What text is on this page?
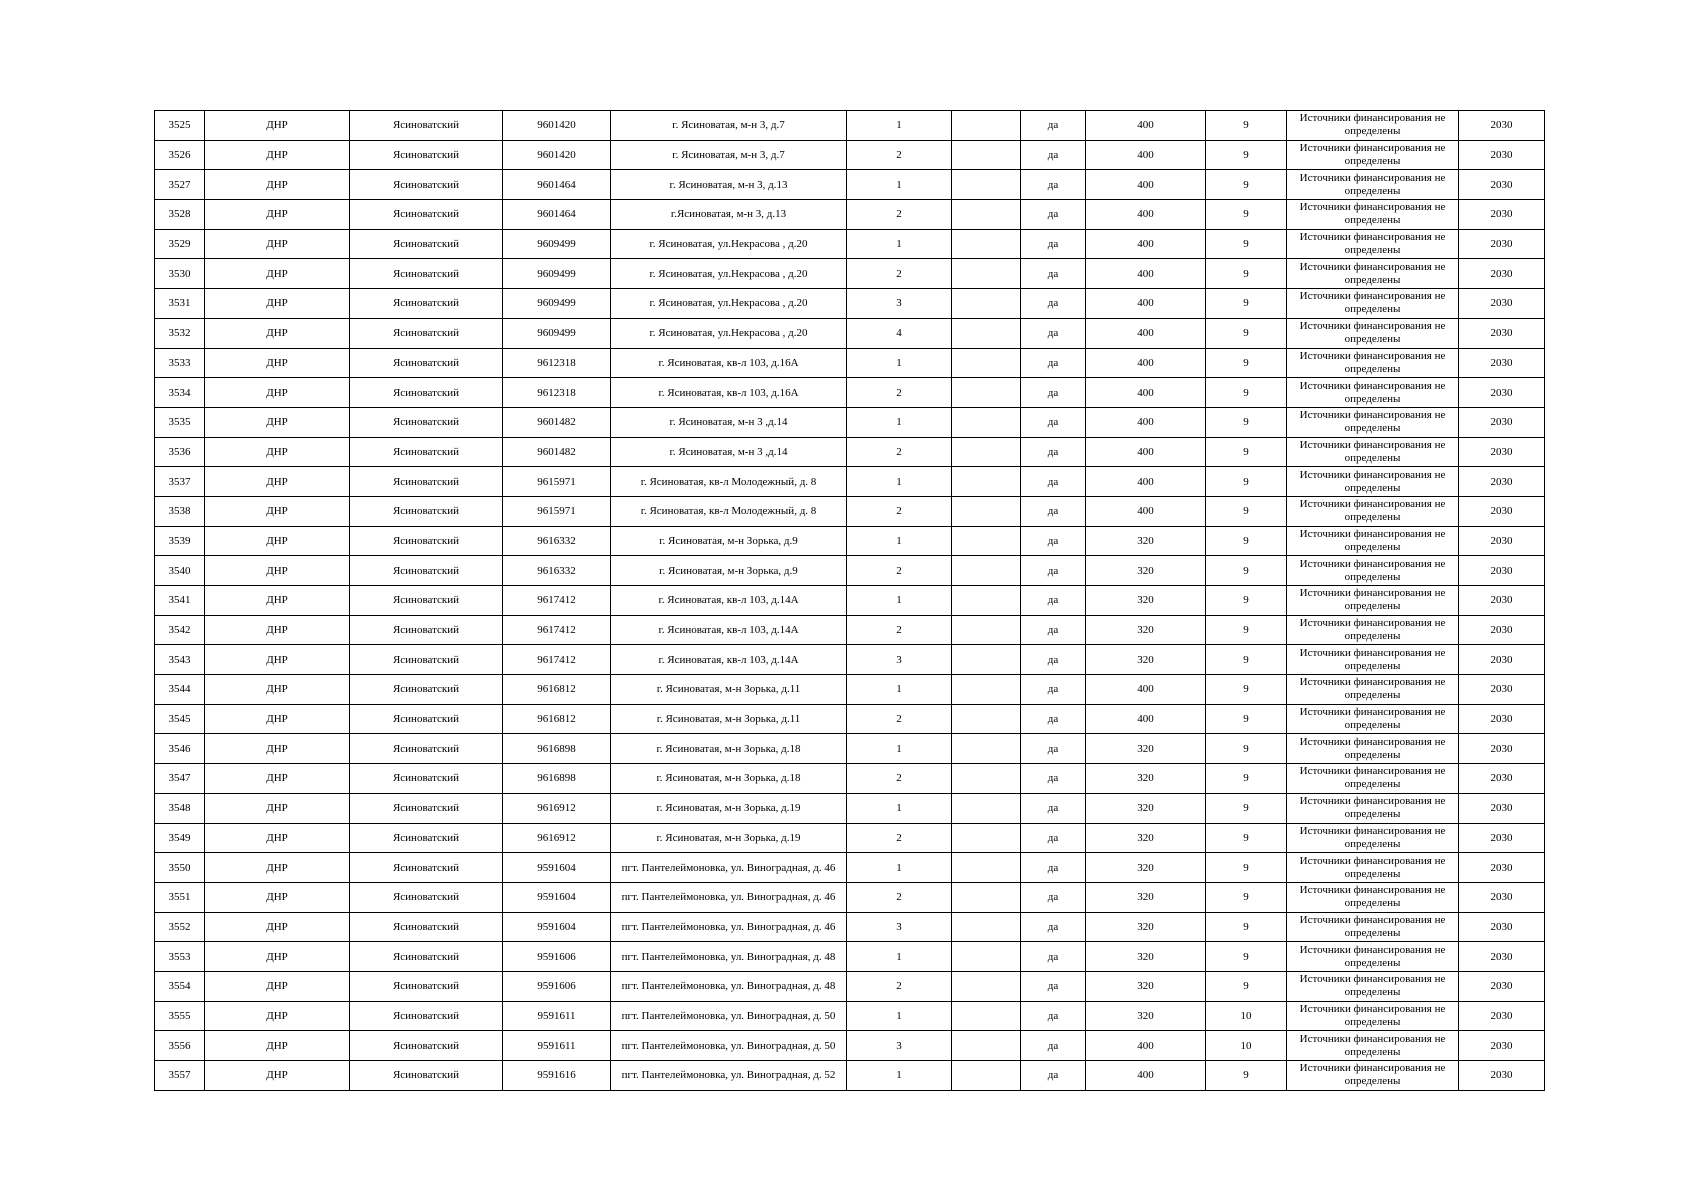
3525	ДНР	Ясиноватский	9601420	г. Ясиноватая, м-н 3, д.7	1		да	400	9	Источники финансирования не определены	2030
3526	ДНР	Ясиноватский	9601420	г. Ясиноватая, м-н 3, д.7	2		да	400	9	Источники финансирования не определены	2030
3527	ДНР	Ясиноватский	9601464	г. Ясиноватая, м-н 3, д.13	1		да	400	9	Источники финансирования не определены	2030
3528	ДНР	Ясиноватский	9601464	г.Ясиноватая, м-н 3, д.13	2		да	400	9	Источники финансирования не определены	2030
3529	ДНР	Ясиноватский	9609499	г. Ясиноватая, ул.Некрасова , д.20	1		да	400	9	Источники финансирования не определены	2030
3530	ДНР	Ясиноватский	9609499	г. Ясиноватая, ул.Некрасова , д.20	2		да	400	9	Источники финансирования не определены	2030
3531	ДНР	Ясиноватский	9609499	г. Ясиноватая, ул.Некрасова , д.20	3		да	400	9	Источники финансирования не определены	2030
3532	ДНР	Ясиноватский	9609499	г. Ясиноватая, ул.Некрасова , д.20	4		да	400	9	Источники финансирования не определены	2030
3533	ДНР	Ясиноватский	9612318	г. Ясиноватая, кв-л 103, д.16А	1		да	400	9	Источники финансирования не определены	2030
3534	ДНР	Ясиноватский	9612318	г. Ясиноватая, кв-л 103, д.16А	2		да	400	9	Источники финансирования не определены	2030
3535	ДНР	Ясиноватский	9601482	г. Ясиноватая, м-н 3 ,д.14	1		да	400	9	Источники финансирования не определены	2030
3536	ДНР	Ясиноватский	9601482	г. Ясиноватая, м-н 3 ,д.14	2		да	400	9	Источники финансирования не определены	2030
3537	ДНР	Ясиноватский	9615971	г. Ясиноватая, кв-л Молодежный, д. 8	1		да	400	9	Источники финансирования не определены	2030
3538	ДНР	Ясиноватский	9615971	г. Ясиноватая, кв-л Молодежный, д. 8	2		да	400	9	Источники финансирования не определены	2030
3539	ДНР	Ясиноватский	9616332	г. Ясиноватая, м-н Зорька, д.9	1		да	320	9	Источники финансирования не определены	2030
3540	ДНР	Ясиноватский	9616332	г. Ясиноватая, м-н Зорька, д.9	2		да	320	9	Источники финансирования не определены	2030
3541	ДНР	Ясиноватский	9617412	г. Ясиноватая, кв-л 103, д.14А	1		да	320	9	Источники финансирования не определены	2030
3542	ДНР	Ясиноватский	9617412	г. Ясиноватая, кв-л 103, д.14А	2		да	320	9	Источники финансирования не определены	2030
3543	ДНР	Ясиноватский	9617412	г. Ясиноватая, кв-л 103, д.14А	3		да	320	9	Источники финансирования не определены	2030
3544	ДНР	Ясиноватский	9616812	г. Ясиноватая, м-н Зорька, д.11	1		да	400	9	Источники финансирования не определены	2030
3545	ДНР	Ясиноватский	9616812	г. Ясиноватая, м-н Зорька, д.11	2		да	400	9	Источники финансирования не определены	2030
3546	ДНР	Ясиноватский	9616898	г. Ясиноватая, м-н Зорька, д.18	1		да	320	9	Источники финансирования не определены	2030
3547	ДНР	Ясиноватский	9616898	г. Ясиноватая, м-н Зорька, д.18	2		да	320	9	Источники финансирования не определены	2030
3548	ДНР	Ясиноватский	9616912	г. Ясиноватая, м-н Зорька, д.19	1		да	320	9	Источники финансирования не определены	2030
3549	ДНР	Ясиноватский	9616912	г. Ясиноватая, м-н Зорька, д.19	2		да	320	9	Источники финансирования не определены	2030
3550	ДНР	Ясиноватский	9591604	пгт. Пантелеймоновка, ул. Виноградная, д. 46	1		да	320	9	Источники финансирования не определены	2030
3551	ДНР	Ясиноватский	9591604	пгт. Пантелеймоновка, ул. Виноградная, д. 46	2		да	320	9	Источники финансирования не определены	2030
3552	ДНР	Ясиноватский	9591604	пгт. Пантелеймоновка, ул. Виноградная, д. 46	3		да	320	9	Источники финансирования не определены	2030
3553	ДНР	Ясиноватский	9591606	пгт. Пантелеймоновка, ул. Виноградная, д. 48	1		да	320	9	Источники финансирования не определены	2030
3554	ДНР	Ясиноватский	9591606	пгт. Пантелеймоновка, ул. Виноградная, д. 48	2		да	320	9	Источники финансирования не определены	2030
3555	ДНР	Ясиноватский	9591611	пгт. Пантелеймоновка, ул. Виноградная, д. 50	1		да	320	10	Источники финансирования не определены	2030
3556	ДНР	Ясиноватский	9591611	пгт. Пантелеймоновка, ул. Виноградная, д. 50	3		да	400	10	Источники финансирования не определены	2030
3557	ДНР	Ясиноватский	9591616	пгт. Пантелеймоновка, ул. Виноградная, д. 52	1		да	400	9	Источники финансирования не определены	2030
